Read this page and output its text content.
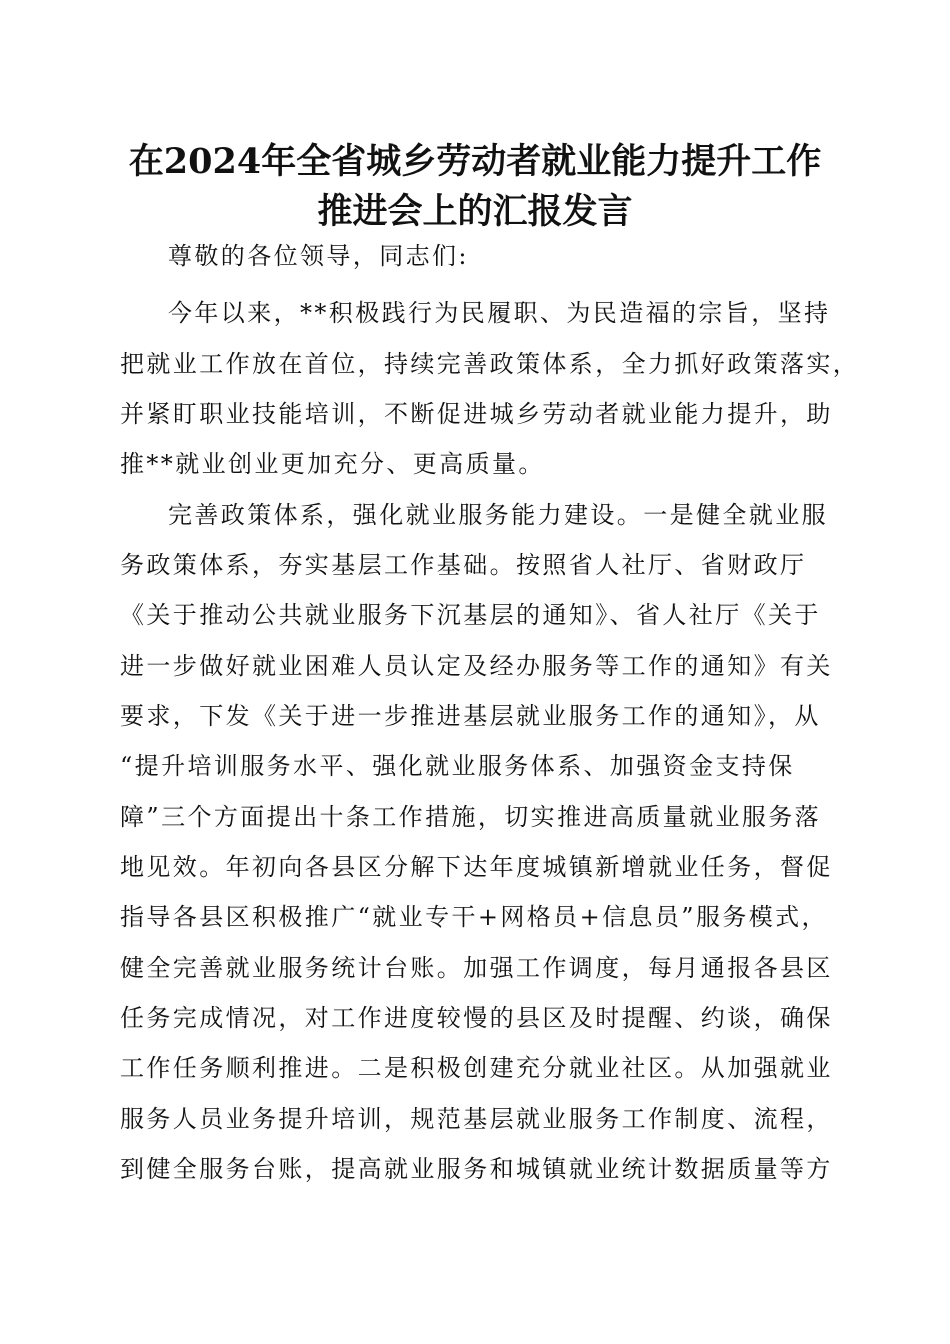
在2024年全省城乡劳动者就业能力提升工作
推进会上的汇报发言
尊敬的各位领导，同志们:
今年以来，**积极践行为民履职、为民造福的宗旨，坚持
把就业工作放在首位，持续完善政策体系，全力抓好政策落实，
并紧盯职业技能培训，不断促进城乡劳动者就业能力提升，助
推**就业创业更加充分、更高质量。
完善政策体系，强化就业服务能力建设。一是健全就业服
务政策体系，夯实基层工作基础。按照省人社厅、省财政厅
《关于推动公共就业服务下沉基层的通知》、省人社厅《关于
进一步做好就业困难人员认定及经办服务等工作的通知》有关
要求，下发《关于进一步推进基层就业服务工作的通知》，从
“提升培训服务水平、强化就业服务体系、加强资金支持保
障”三个方面提出十条工作措施，切实推进高质量就业服务落
地见效。年初向各县区分解下达年度城镇新增就业任务，督促
指导各县区积极推广“就业专干+网格员+信息员”服务模式，
健全完善就业服务统计台账。加强工作调度，每月通报各县区
任务完成情况，对工作进度较慢的县区及时提醒、约谈，确保
工作任务顺利推进。二是积极创建充分就业社区。从加强就业
服务人员业务提升培训，规范基层就业服务工作制度、流程，
到健全服务台账，提高就业服务和城镇就业统计数据质量等方
